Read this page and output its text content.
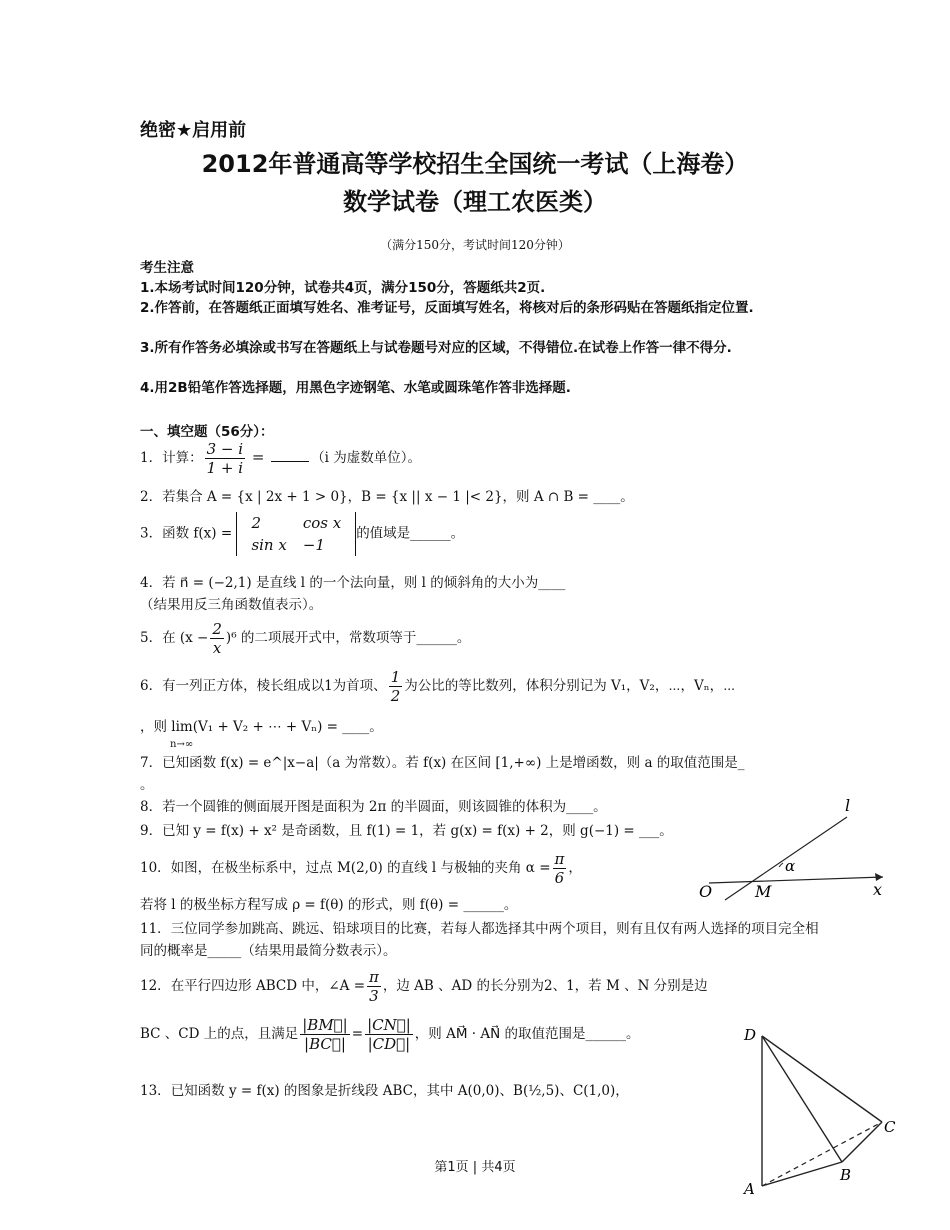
绝密★启用前
2012年普通高等学校招生全国统一考试（上海卷）
数学试卷（理工农医类）
（满分150分，考试时间120分钟）
考生注意
1.本场考试时间120分钟，试卷共4页，满分150分，答题纸共2页.
2.作答前，在答题纸正面填写姓名、准考证号，反面填写姓名，将核对后的条形码贴在答题纸指定位置.
3.所有作答务必填涂或书写在答题纸上与试卷题号对应的区域，不得错位.在试卷上作答一律不得分.
4.用2B铅笔作答选择题，用黑色字迹钢笔、水笔或圆珠笔作答非选择题.
一、填空题（56分）：
1．计算： $\frac{3 - i}{1 + i}$ =	（i 为虚数单位）。
2．若集合 A = {x | 2x + 1 > 0}，B = {x || x − 1 |< 2}，则 A ∩ B = ____。
3．函数 f(x) =
2	cos x
sin x	−1
的值域是______。
4．若 n⃗ = (−2,1) 是直线 l 的一个法向量，则 l 的倾斜角的大小为____
（结果用反三角函数值表示）。
5．在 $(x - \frac{2}{x} )^6$ 的二项展开式中，常数项等于______。
6．有一列正方体，棱长组成以1为首项、 $\frac{1}{2}$ 为公比的等比数列，体积分别记为 V₁，V₂，⋯，Vₙ，⋯
，则 lim(V₁ + V₂ + ⋯ + Vₙ) = ____。
n→∞
7．已知函数 f(x) = e^|x−a|（a 为常数）。若 f(x) 在区间 [1,+∞) 上是增函数，则 a 的取值范围是_
。
8．若一个圆锥的侧面展开图是面积为 2π 的半圆面，则该圆锥的体积为____。
9．已知 y = f(x) + x² 是奇函数，且 f(1) = 1，若 g(x) = f(x) + 2，则 g(−1) = ___。
10．如图，在极坐标系中，过点 M(2,0) 的直线 l 与极轴的夹角 $\alpha = \frac{\pi}{6}$ ，
若将 l 的极坐标方程写成 ρ = f(θ) 的形式，则 f(θ) = ______。
l
α
O	M	x
11．三位同学参加跳高、跳远、铅球项目的比赛，若每人都选择其中两个项目，则有且仅有两人选择的项目完全相同的概率是_____（结果用最简分数表示）。
12．在平行四边形 ABCD 中，∠A = $\frac{\pi}{3}$ ，边 AB 、AD 的长分别为2、1，若 M 、N 分别是边
BC 、CD 上的点，且满足 $\frac{|BM⃗|}{|BC⃗|} = \frac{|CN⃗|}{|CD⃗|}$ ，则 AM⃗ · AN⃗ 的取值范围是______。
13．已知函数 y = f(x) 的图象是折线段 ABC，其中 A(0,0)、B(½,5)、C(1,0)，
D
C
B
A
第1页 | 共4页
